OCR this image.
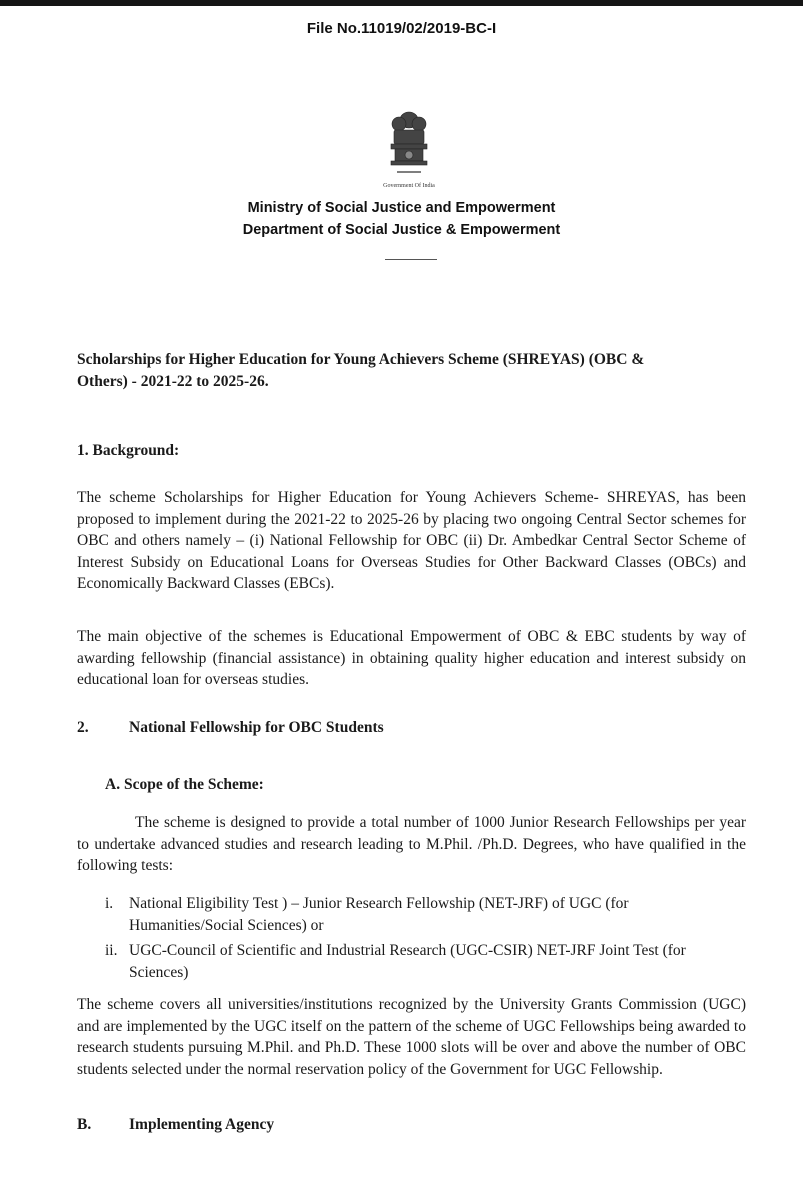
File No.11019/02/2019-BC-I
Government Of India
Ministry of Social Justice and Empowerment
Department of Social Justice & Empowerment
Scholarships for Higher Education for Young Achievers Scheme (SHREYAS) (OBC &
Others) - 2021-22 to 2025-26.
1. Background:
The scheme Scholarships for Higher Education for Young Achievers Scheme- SHREYAS, has been proposed to implement during the 2021-22 to 2025-26 by placing two ongoing Central Sector schemes for OBC and others namely – (i) National Fellowship for OBC (ii) Dr. Ambedkar Central Sector Scheme of Interest Subsidy on Educational Loans for Overseas Studies for Other Backward Classes (OBCs) and Economically Backward Classes (EBCs).
The main objective of the schemes is Educational Empowerment of OBC & EBC students by way of awarding fellowship (financial assistance) in obtaining quality higher education and interest subsidy on educational loan for overseas studies.
2.	National Fellowship for OBC Students
A. Scope of the Scheme:
The scheme is designed to provide a total number of 1000 Junior Research Fellowships per year to undertake advanced studies and research leading to M.Phil. /Ph.D. Degrees, who have qualified in the following tests:
i. National Eligibility Test ) – Junior Research Fellowship (NET-JRF) of UGC (for Humanities/Social Sciences) or
ii. UGC-Council of Scientific and Industrial Research (UGC-CSIR) NET-JRF Joint Test (for Sciences)
The scheme covers all universities/institutions recognized by the University Grants Commission (UGC) and are implemented by the UGC itself on the pattern of the scheme of UGC Fellowships being awarded to research students pursuing M.Phil. and Ph.D. These 1000 slots will be over and above the number of OBC students selected under the normal reservation policy of the Government for UGC Fellowship.
B. Implementing Agency
